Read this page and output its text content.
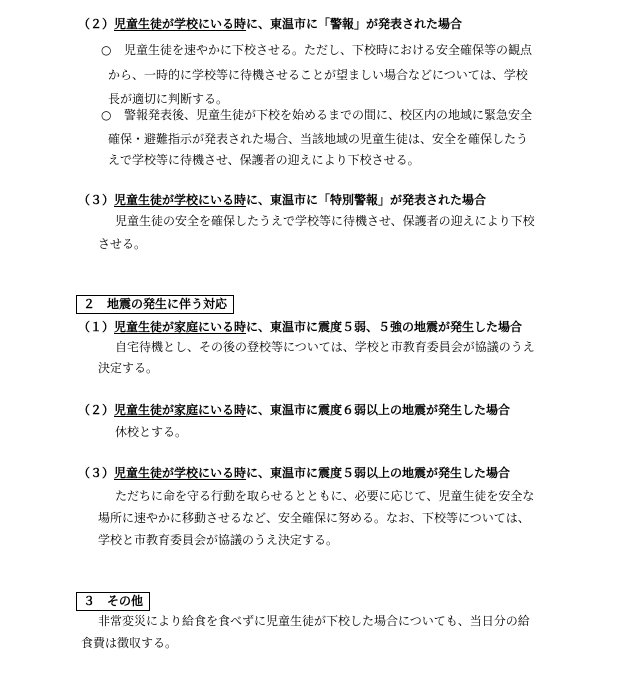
（２）児童生徒が学校にいる時に、東温市に「警報」が発表された場合
○ 児童生徒を速やかに下校させる。ただし、下校時における安全確保等の観点
から、一時的に学校等に待機させることが望ましい場合などについては、学校
長が適切に判断する。
○ 警報発表後、児童生徒が下校を始めるまでの間に、校区内の地域に緊急安全
確保・避難指示が発表された場合、当該地域の児童生徒は、安全を確保したう
えで学校等に待機させ、保護者の迎えにより下校させる。
（３）児童生徒が学校にいる時に、東温市に「特別警報」が発表された場合
児童生徒の安全を確保したうえで学校等に待機させ、保護者の迎えにより下校
させる。
２　地震の発生に伴う対応
（１）児童生徒が家庭にいる時に、東温市に震度５弱、５強の地震が発生した場合
自宅待機とし、その後の登校等については、学校と市教育委員会が協議のうえ
決定する。
（２）児童生徒が家庭にいる時に、東温市に震度６弱以上の地震が発生した場合
休校とする。
（３）児童生徒が学校にいる時に、東温市に震度５弱以上の地震が発生した場合
ただちに命を守る行動を取らせるとともに、必要に応じて、児童生徒を安全な
場所に速やかに移動させるなど、安全確保に努める。なお、下校等については、
学校と市教育委員会が協議のうえ決定する。
３　その他
非常変災により給食を食べずに児童生徒が下校した場合についても、当日分の給
食費は徴収する。
